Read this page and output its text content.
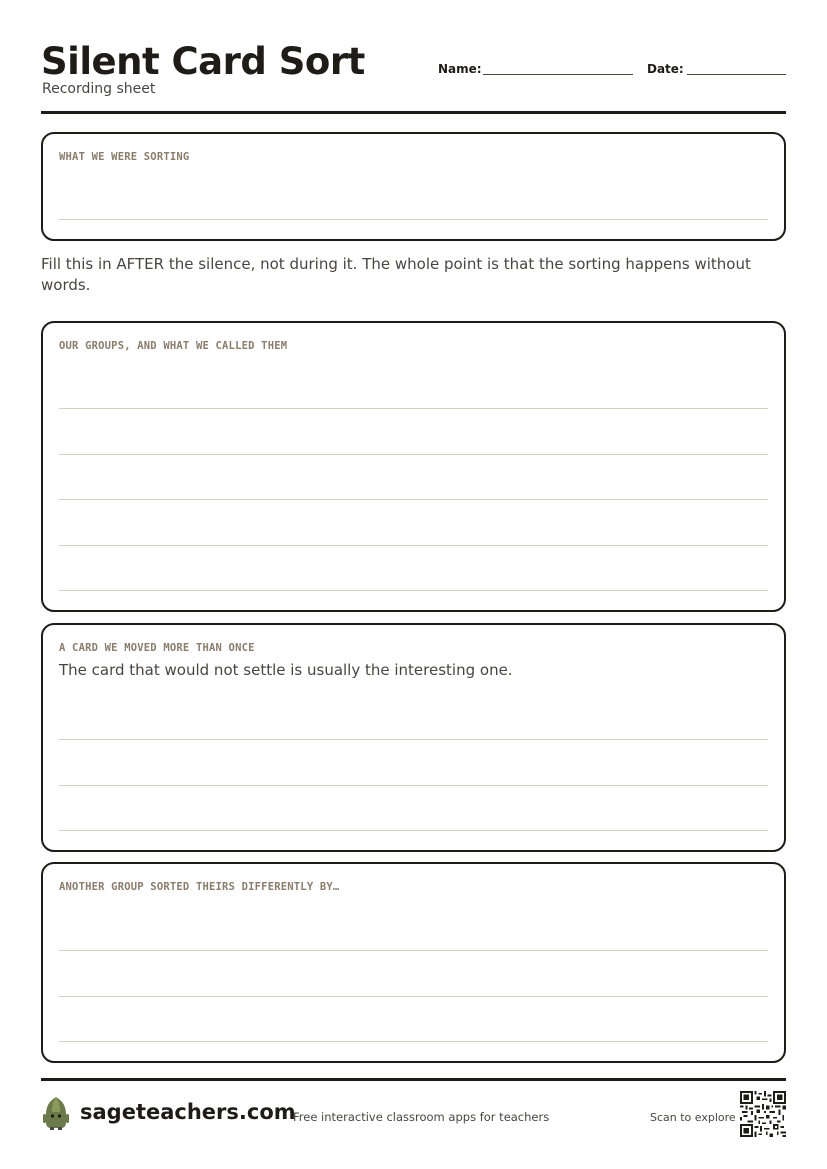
Silent Card Sort
Recording sheet
Name:	Date:
WHAT WE WERE SORTING

Fill this in AFTER the silence, not during it. The whole point is that the sorting happens without words.

OUR GROUPS, AND WHAT WE CALLED THEM
A CARD WE MOVED MORE THAN ONCE
The card that would not settle is usually the interesting one.
ANOTHER GROUP SORTED THEIRS DIFFERENTLY BY…
sageteachers.com
Free interactive classroom apps for teachers	Scan to explore
